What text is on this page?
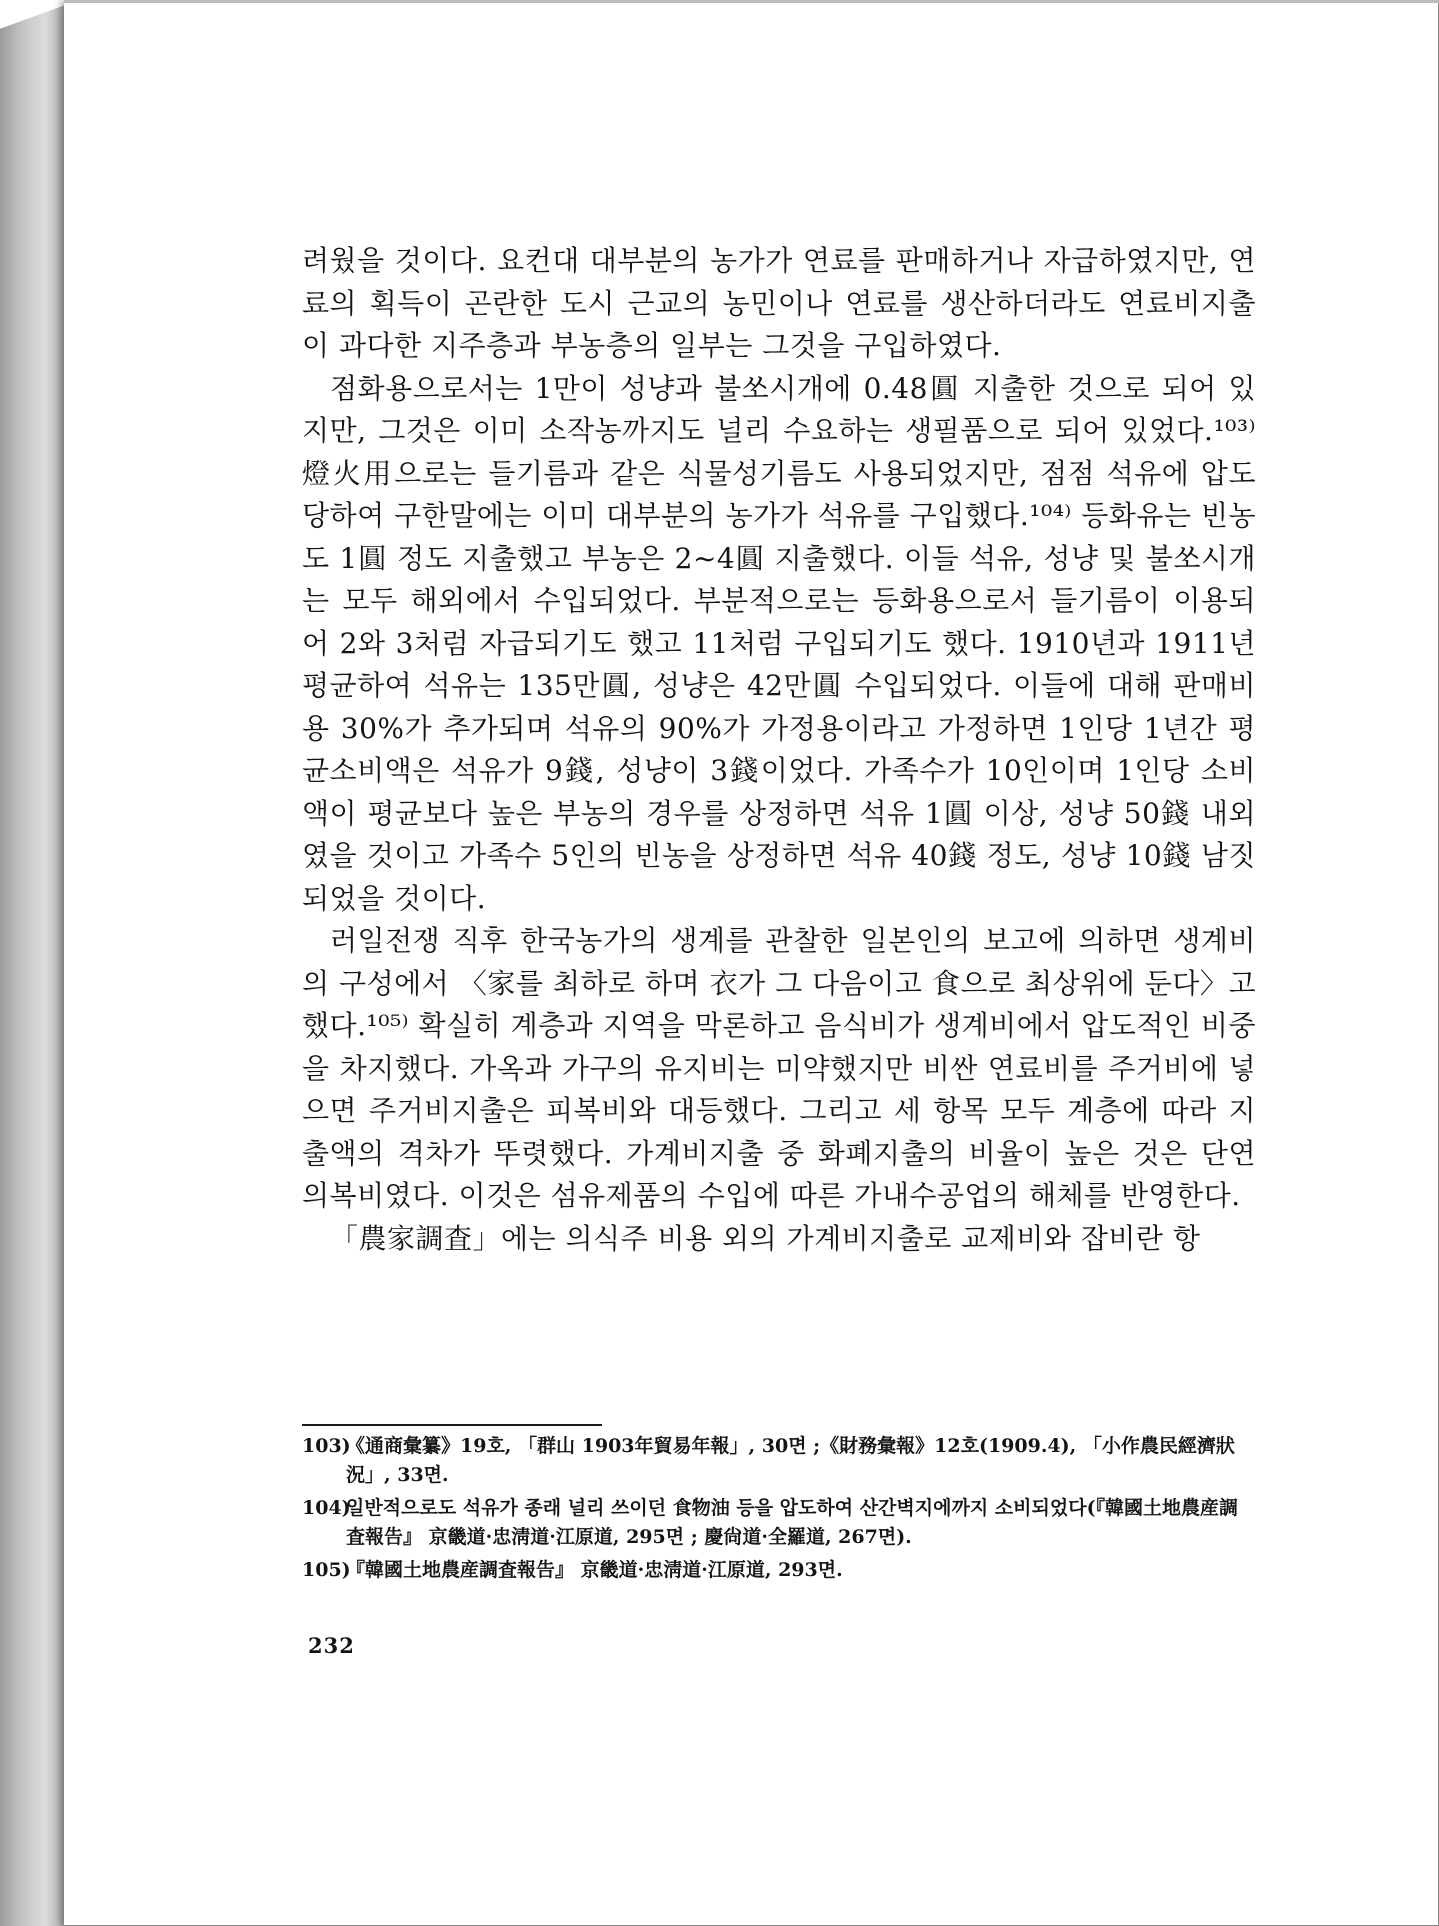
려웠을 것이다. 요컨대 대부분의 농가가 연료를 판매하거나 자급하였지만, 연료의 획득이 곤란한 도시 근교의 농민이나 연료를 생산하더라도 연료비지출이 과다한 지주층과 부농층의 일부는 그것을 구입하였다.

점화용으로서는 1만이 성냥과 불쏘시개에 0.48圓 지출한 것으로 되어 있지만, 그것은 이미 소작농까지도 널리 수요하는 생필품으로 되어 있었다.¹⁰³⁾ 燈火用으로는 들기름과 같은 식물성기름도 사용되었지만, 점점 석유에 압도당하여 구한말에는 이미 대부분의 농가가 석유를 구입했다.¹⁰⁴⁾ 등화유는 빈농도 1圓 정도 지출했고 부농은 2~4圓 지출했다. 이들 석유, 성냥 및 불쏘시개는 모두 해외에서 수입되었다. 부분적으로는 등화용으로서 들기름이 이용되어 2와 3처럼 자급되기도 했고 11처럼 구입되기도 했다. 1910년과 1911년 평균하여 석유는 135만圓, 성냥은 42만圓 수입되었다. 이들에 대해 판매비용 30%가 추가되며 석유의 90%가 가정용이라고 가정하면 1인당 1년간 평균소비액은 석유가 9錢, 성냥이 3錢이었다. 가족수가 10인이며 1인당 소비액이 평균보다 높은 부농의 경우를 상정하면 석유 1圓 이상, 성냥 50錢 내외였을 것이고 가족수 5인의 빈농을 상정하면 석유 40錢 정도, 성냥 10錢 남짓 되었을 것이다.

러일전쟁 직후 한국농가의 생계를 관찰한 일본인의 보고에 의하면 생계비의 구성에서 〈家를 최하로 하며 衣가 그 다음이고 食으로 최상위에 둔다〉고 했다.¹⁰⁵⁾ 확실히 계층과 지역을 막론하고 음식비가 생계비에서 압도적인 비중을 차지했다. 가옥과 가구의 유지비는 미약했지만 비싼 연료비를 주거비에 넣으면 주거비지출은 피복비와 대등했다. 그리고 세 항목 모두 계층에 따라 지출액의 격차가 뚜렷했다. 가계비지출 중 화폐지출의 비율이 높은 것은 단연 의복비였다. 이것은 섬유제품의 수입에 따른 가내수공업의 해체를 반영한다.

「農家調査」에는 의식주 비용 외의 가계비지출로 교제비와 잡비란 항

103)
《通商彙纂》19호, 「群山 1903年貿易年報」, 30면 ;《財務彙報》12호(1909.4), 「小作農民經濟狀況」, 33면.
104)
일반적으로도 석유가 종래 널리 쓰이던 食物油 등을 압도하여 산간벽지에까지 소비되었다(『韓國土地農産調査報告』 京畿道·忠淸道·江原道, 295면 ; 慶尙道·全羅道, 267면).
105)
『韓國土地農産調査報告』 京畿道·忠淸道·江原道, 293면.
232
